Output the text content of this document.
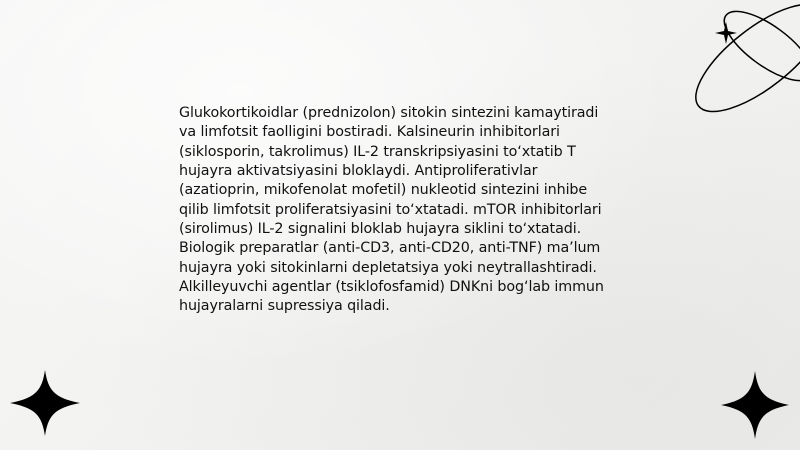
Glukokortikoidlar (prednizolon) sitokin sintezini kamaytiradi va limfotsit faolligini bostiradi. Kalsineurin inhibitorlari (siklosporin, takrolimus) IL-2 transkripsiyasini to‘xtatib T hujayra aktivatsiyasini bloklaydi. Antiproliferativlar (azatioprin, mikofenolat mofetil) nukleotid sintezini inhibe qilib limfotsit proliferatsiyasini to‘xtatadi. mTOR inhibitorlari (sirolimus) IL-2 signalini bloklab hujayra siklini to‘xtatadi. Biologik preparatlar (anti-CD3, anti-CD20, anti-TNF) ma’lum hujayra yoki sitokinlarni depletatsiya yoki neytrallashtiradi. Alkilleyuvchi agentlar (tsiklofosfamid) DNKni bog‘lab immun hujayralarni supressiya qiladi.
